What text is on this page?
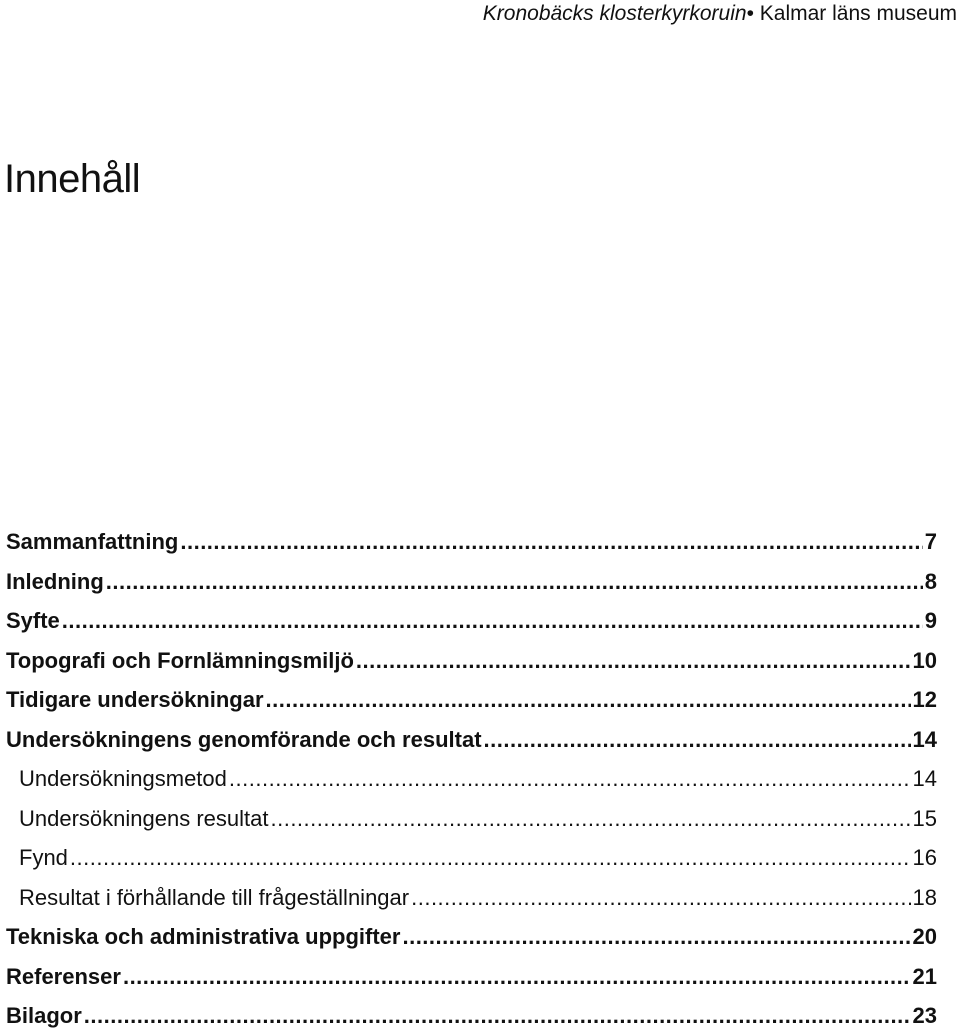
Kronobäcks klosterkyrkoruin• Kalmar läns museum
Innehåll
Sammanfattning .....	7
Inledning .....	8
Syfte .....	9
Topografi och Fornlämningsmiljö .....	10
Tidigare undersökningar .....	12
Undersökningens genomförande och resultat .....	14
Undersökningsmetod .....	14
Undersökningens resultat .....	15
Fynd .....	16
Resultat i förhållande till frågeställningar .....	18
Tekniska och administrativa uppgifter .....	20
Referenser .....	21
Bilagor .....	23
